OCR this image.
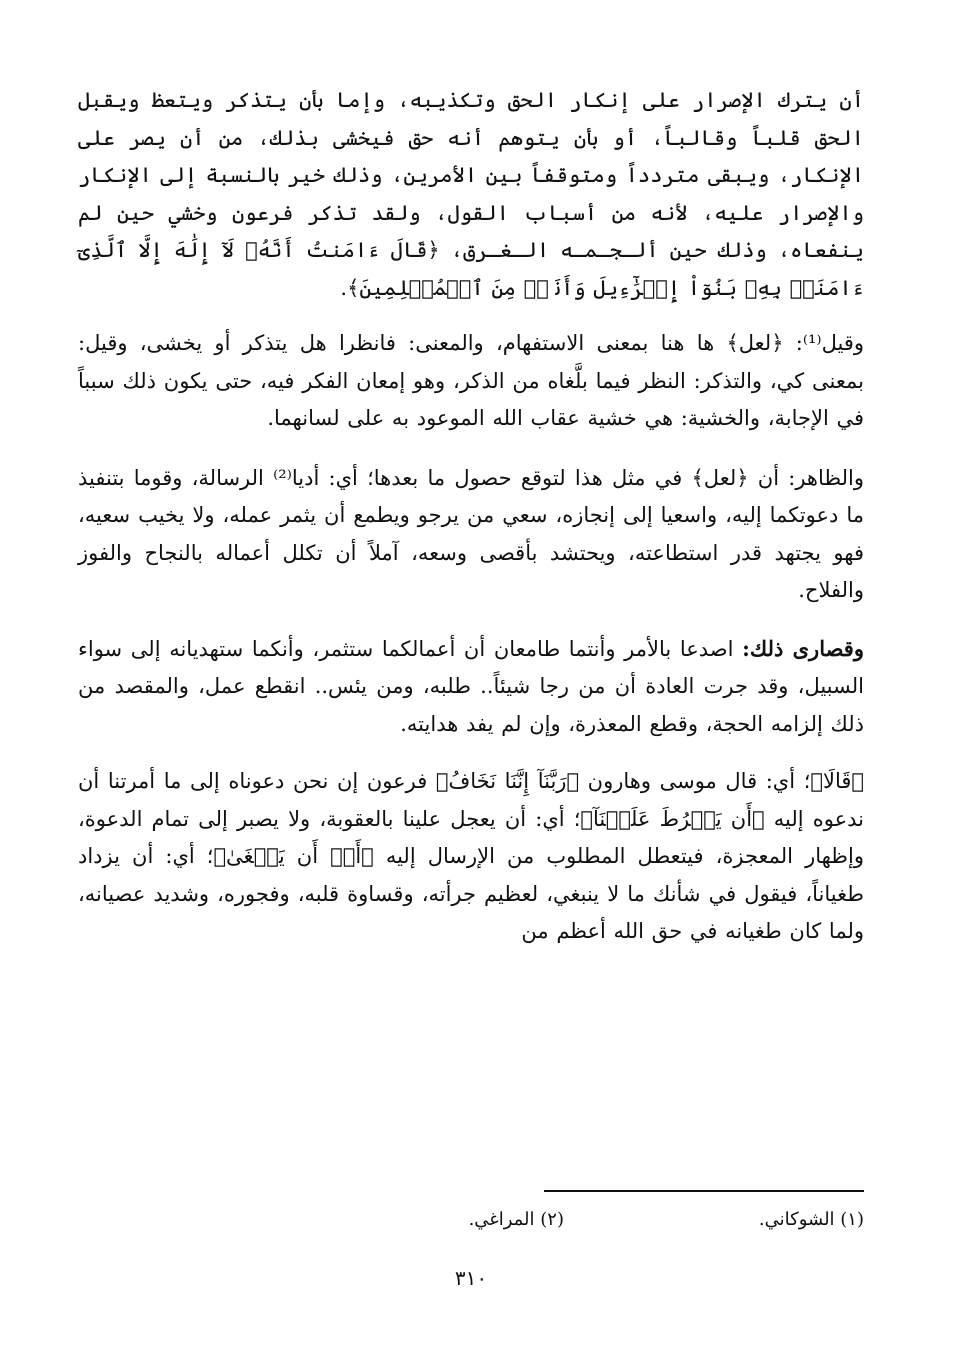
أن يترك الإصرار على إنكار الحق وتكذيبه، وإما بأن يتذكر ويتعظ ويقبل الحق قلباً وقالباً، أو بأن يتوهم أنه حق فيخشى بذلك، من أن يصر على الإنكار، ويبقى متردداً ومتوقفاً بين الأمرين، وذلك خير بالنسبة إلى الإنكار والإصرار عليه، لأنه من أسباب القول، ولقد تذكر فرعون وخشي حين لم ينفعاه، وذلك حين ألـجـمـه الـغـرق، ﴿قَالَ ءَامَنتُ أَنَّهُۥ لَآ إِلَٰهَ إِلَّا ٱلَّذِىٓ ءَامَنَتۡ بِهِۦ بَنُوٓاْ إِسۡرَٰٓءِيلَ وَأَنَا۠ مِنَ ٱلۡمُسۡلِمِينَ﴾.

وقيل⁽¹⁾: ﴿لعل﴾ ها هنا بمعنى الاستفهام، والمعنى: فانظرا هل يتذكر أو يخشى، وقيل: بمعنى كي، والتذكر: النظر فيما بلَّغاه من الذكر، وهو إمعان الفكر فيه، حتى يكون ذلك سبباً في الإجابة، والخشية: هي خشية عقاب الله الموعود به على لسانهما.

والظاهر: أن ﴿لعل﴾ في مثل هذا لتوقع حصول ما بعدها؛ أي: أديا⁽²⁾ الرسالة، وقوما بتنفيذ ما دعوتكما إليه، واسعيا إلى إنجازه، سعي من يرجو ويطمع أن يثمر عمله، ولا يخيب سعيه، فهو يجتهد قدر استطاعته، ويحتشد بأقصى وسعه، آملاً أن تكلل أعماله بالنجاح والفوز والفلاح.

وقصارى ذلك: اصدعا بالأمر وأنتما طامعان أن أعمالكما ستثمر، وأنكما ستهديانه إلى سواء السبيل، وقد جرت العادة أن من رجا شيئاً.. طلبه، ومن يئس.. انقطع عمل، والمقصد من ذلك إلزامه الحجة، وقطع المعذرة، وإن لم يفد هدايته.

﴿قَالَا﴾؛ أي: قال موسى وهارون ﴿رَبَّنَآ إِنَّنَا نَخَافُ﴾ فرعون إن نحن دعوناه إلى ما أمرتنا أن ندعوه إليه ﴿أَن يَفۡرُطَ عَلَيۡنَآ﴾؛ أي: أن يعجل علينا بالعقوبة، ولا يصبر إلى تمام الدعوة، وإظهار المعجزة، فيتعطل المطلوب من الإرسال إليه ﴿أَوۡ أَن يَطۡغَىٰ﴾؛ أي: أن يزداد طغياناً، فيقول في شأنك ما لا ينبغي، لعظيم جرأته، وقساوة قلبه، وفجوره، وشديد عصيانه، ولما كان طغيانه في حق الله أعظم من

(١) الشوكاني.
(٢) المراغي.
٣١٠
